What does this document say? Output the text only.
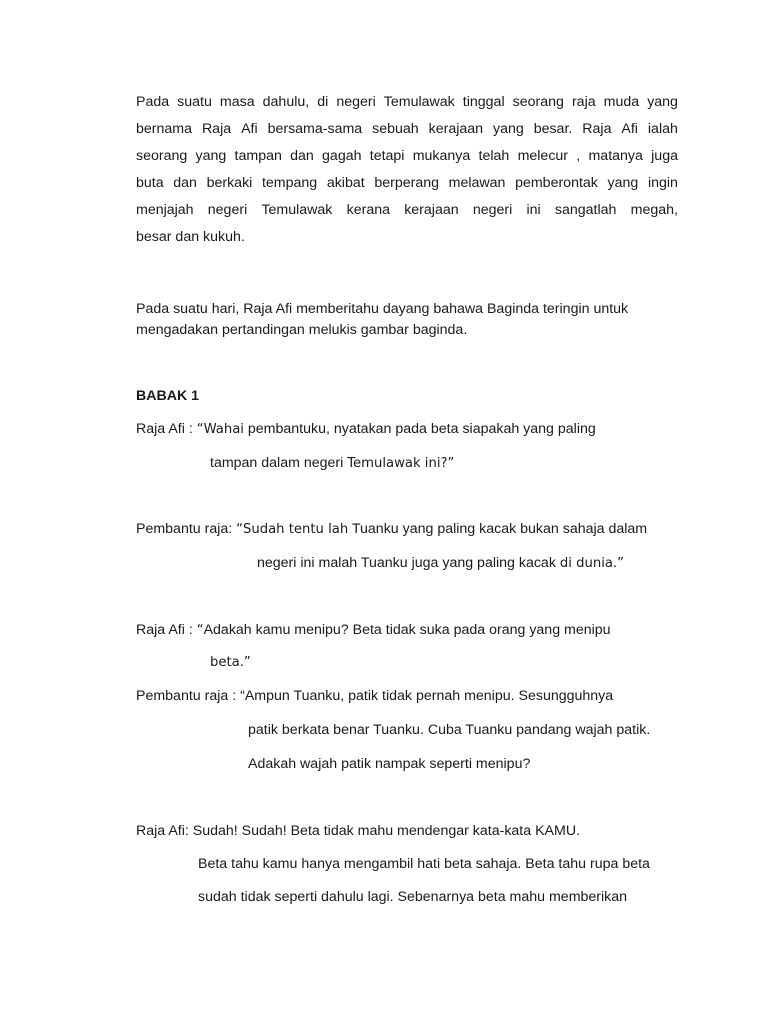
Pada suatu masa dahulu, di negeri Temulawak tinggal seorang raja muda yang
bernama Raja Afi bersama-sama sebuah kerajaan yang besar. Raja Afi ialah
seorang yang tampan dan gagah tetapi mukanya telah melecur , matanya juga
buta dan berkaki tempang akibat berperang melawan pemberontak yang ingin
menjajah negeri Temulawak kerana kerajaan negeri ini sangatlah megah,
besar dan kukuh.
Pada suatu hari, Raja Afi memberitahu dayang bahawa Baginda teringin untuk
mengadakan pertandingan melukis gambar baginda.
BABAK 1
Raja Afi : “Wahai pembantuku, nyatakan pada beta siapakah yang paling
tampan dalam negeri Temulawak ini?”
Pembantu raja: “Sudah tentu lah Tuanku yang paling kacak bukan sahaja dalam
negeri ini malah Tuanku juga yang paling kacak di dunia.”
Raja Afi : “Adakah kamu menipu? Beta tidak suka pada orang yang menipu
beta.”
Pembantu raja : “Ampun Tuanku, patik tidak pernah menipu. Sesungguhnya
patik berkata benar Tuanku. Cuba Tuanku pandang wajah patik.
Adakah wajah patik nampak seperti menipu?
Raja Afi: Sudah! Sudah! Beta tidak mahu mendengar kata-kata KAMU.
Beta tahu kamu hanya mengambil hati beta sahaja. Beta tahu rupa beta
sudah tidak seperti dahulu lagi. Sebenarnya beta mahu memberikan
